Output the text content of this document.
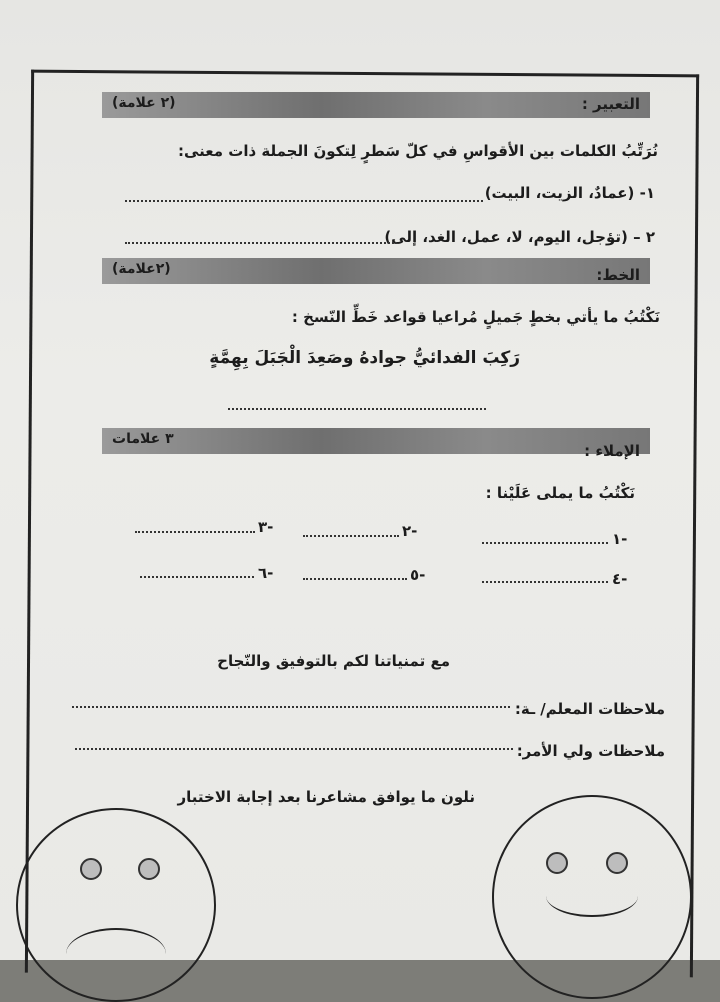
التعبير :
(٢ علامة)
نُرَتِّبُ الكلمات بين الأقواسِ في كلّ سَطرٍ لِتكونَ الجملة ذات معنى:
١- (عمادٌ، الزيت، البيت)
٢ – (تؤجل، اليوم، لا، عمل، الغد، إلى)
الخط:
(٢علامة)
نَكْتُبُ ما يأتي بخطٍ جَميلٍ مُراعيا قواعد خَطِّ النّسخ :
رَكِبَ الفدائيُّ جوادهُ وصَعِدَ الْجَبَلَ بِهِمَّةٍ
الإملاء :
٣ علامات
نَكْتُبُ ما يملى عَلَيْنا :
١-
٢-
٣-
٤-
٥-
٦-
مع تمنياتنا لكم بالتوفيق والنّجاح
ملاحظات المعلم/ ـة:
ملاحظات ولي الأمر:
نلون ما يوافق مشاعرنا بعد إجابة الاختبار
